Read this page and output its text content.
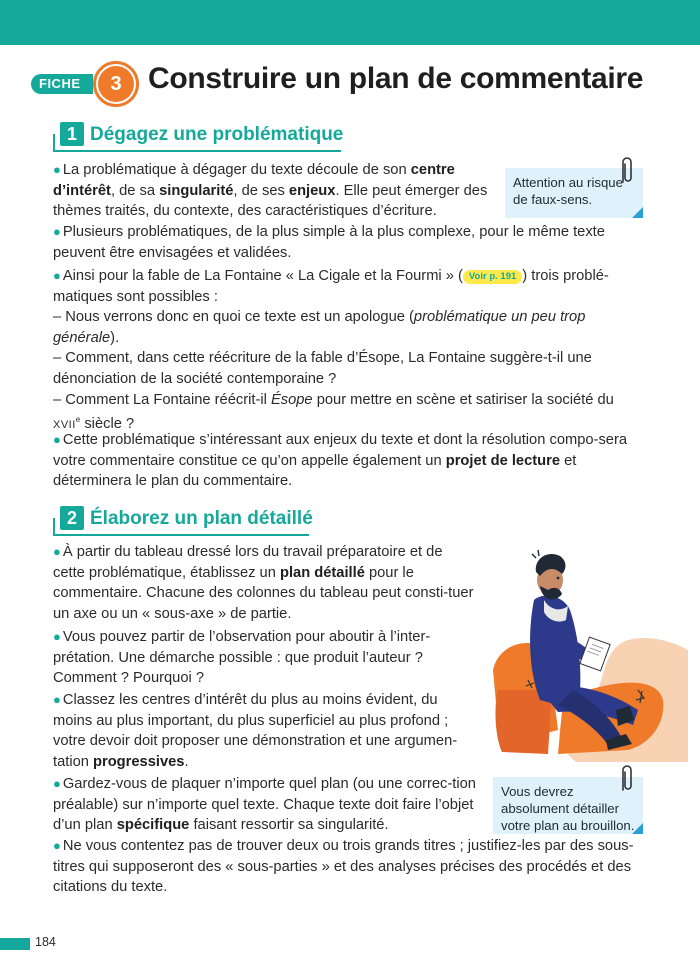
FICHE	3 Construire un plan de commentaire
1 Dégagez une problématique

● La problématique à dégager du texte découle de son centre d’intérêt, de sa singularité, de ses enjeux. Elle peut émerger des thèmes traités, du contexte, des caractéristiques d’écriture.

● Plusieurs problématiques, de la plus simple à la plus complexe, pour le même texte peuvent être envisagées et validées.

● Ainsi pour la fable de La Fontaine « La Cigale et la Fourmi » ( Voir p. 191 ) trois problé-matiques sont possibles :
– Nous verrons donc en quoi ce texte est un apologue (problématique un peu trop générale).
– Comment, dans cette réécriture de la fable d’Ésope, La Fontaine suggère-t-il une dénonciation de la société contemporaine ?
– Comment La Fontaine réécrit-il Ésope pour mettre en scène et satiriser la société du XVIIe siècle ?

● Cette problématique s’intéressant aux enjeux du texte et dont la résolution compo-sera votre commentaire constitue ce qu’on appelle également un projet de lecture et déterminera le plan du commentaire.

Attention au risque de faux-sens.
2 Élaborez un plan détaillé

● À partir du tableau dressé lors du travail préparatoire et de cette problématique, établissez un plan détaillé pour le commentaire. Chacune des colonnes du tableau peut consti-tuer un axe ou un « sous-axe » de partie.

● Vous pouvez partir de l’observation pour aboutir à l’inter-prétation. Une démarche possible : que produit l’auteur ? Comment ? Pourquoi ?

● Classez les centres d’intérêt du plus au moins évident, du moins au plus important, du plus superficiel au plus profond ; votre devoir doit proposer une démonstration et une argumen-tation progressives.

● Gardez-vous de plaquer n’importe quel plan (ou une correc-tion préalable) sur n’importe quel texte. Chaque texte doit faire l’objet d’un plan spécifique faisant ressortir sa singularité.

● Ne vous contentez pas de trouver deux ou trois grands titres ; justifiez-les par des sous-titres qui supposeront des « sous-parties » et des analyses précises des procédés et des citations du texte.

Vous devrez absolument détailler votre plan au brouillon.
184
